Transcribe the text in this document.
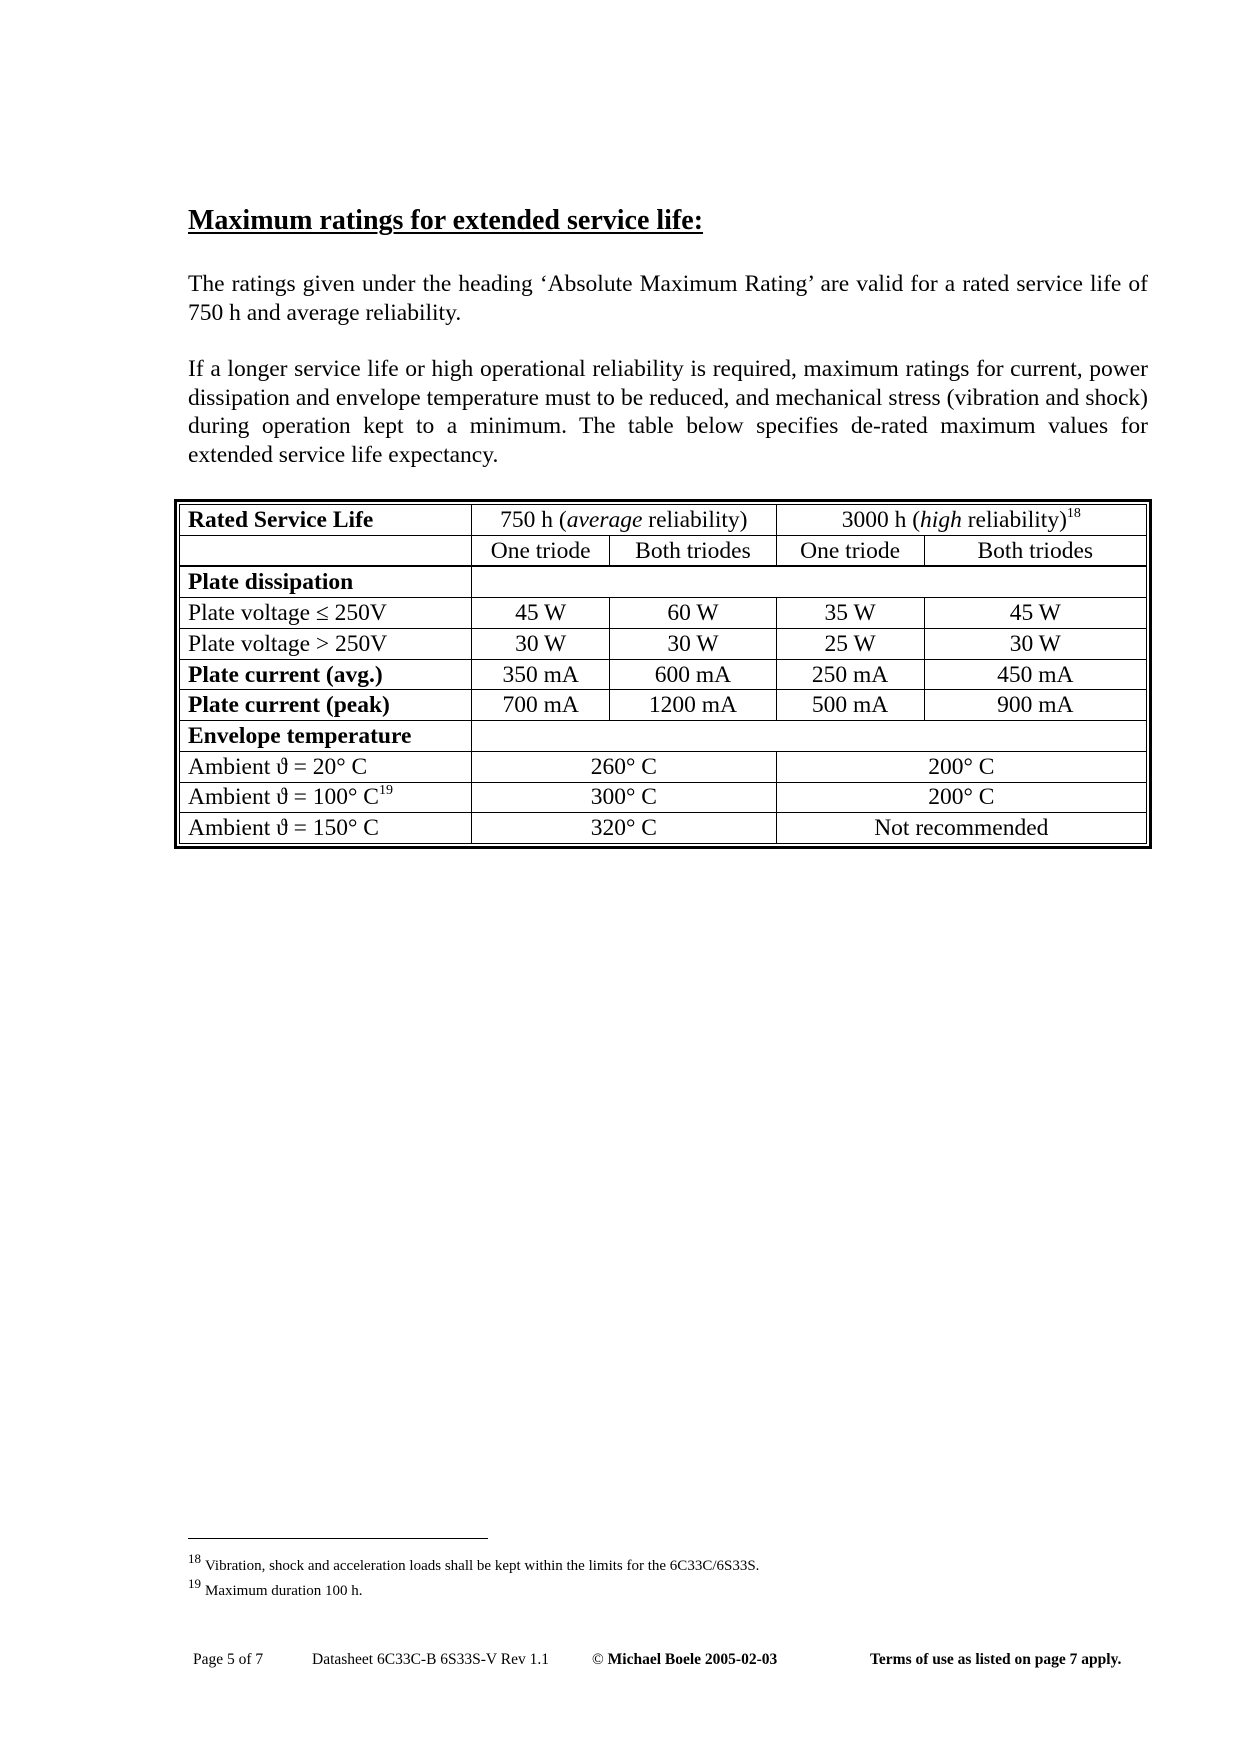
Maximum ratings for extended service life:

The ratings given under the heading ‘Absolute Maximum Rating’ are valid for a rated service life of 750 h and average reliability.

If a longer service life or high operational reliability is required, maximum ratings for current, power dissipation and envelope temperature must to be reduced, and mechanical stress (vibration and shock) during operation kept to a minimum. The table below specifies de-rated maximum values for extended service life expectancy.

Rated Service Life	750 h (average reliability)		3000 h (high reliability)$^{18}$
	One triode	Both triodes	One triode	Both triodes
Plate dissipation				
Plate voltage ≤ 250V	45 W	60 W	35 W	45 W
Plate voltage > 250V	30 W	30 W	25 W	30 W
Plate current (avg.)	350 mA	600 mA	250 mA	450 mA
Plate current (peak)	700 mA	1200 mA	500 mA	900 mA
Envelope temperature				
Ambient ϑ = 20° C	260° C		200° C	
Ambient ϑ = 100° $C^{19}$	300° C		200° C	
Ambient ϑ = 150° C	320° C		Not recommended	

18 Vibration, shock and acceleration loads shall be kept within the limits for the 6C33C/6S33S.

19 Maximum duration 100 h.

Page 5 of 7	Datasheet 6C33C-B 6S33S-V Rev 1.1	© Michael Boele 2005-02-03	Terms of use as listed on page 7 apply.
